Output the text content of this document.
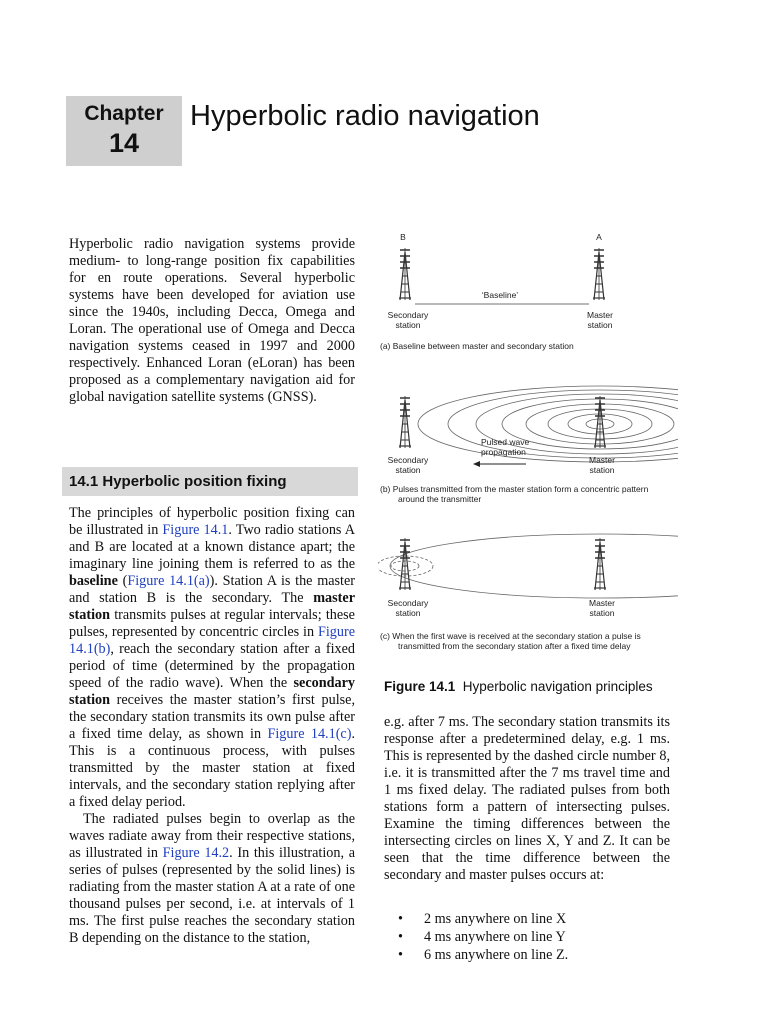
Chapter
14
Hyperbolic radio navigation

Hyperbolic radio navigation systems provide medium- to long-range position fix capabilities for en route operations. Several hyperbolic systems have been developed for aviation use since the 1940s, including Decca, Omega and Loran. The operational use of Omega and Decca navigation systems ceased in 1997 and 2000 respectively. Enhanced Loran (eLoran) has been proposed as a complementary navigation aid for global navigation satellite systems (GNSS).

14.1 Hyperbolic position fixing

The principles of hyperbolic position fixing can be illustrated in Figure 14.1. Two radio stations A and B are located at a known distance apart; the imaginary line joining them is referred to as the baseline (Figure 14.1(a)). Station A is the master and station B is the secondary. The master station transmits pulses at regular intervals; these pulses, represented by concentric circles in Figure 14.1(b), reach the secondary station after a fixed period of time (determined by the propagation speed of the radio wave). When the secondary station receives the master station’s first pulse, the secondary station transmits its own pulse after a fixed time delay, as shown in Figure 14.1(c). This is a continuous process, with pulses transmitted by the master station at fixed intervals, and the secondary station replying after a fixed delay period.

The radiated pulses begin to overlap as the waves radiate away from their respective stations, as illustrated in Figure 14.2. In this illustration, a series of pulses (represented by the solid lines) is radiating from the master station A at a rate of one thousand pulses per second, i.e. at intervals of 1 ms. The first pulse reaches the secondary station B depending on the distance to the station,

B	A
‘Baseline’
Secondary
station
Master
station
(a) Baseline between master and secondary station
Pulsed wave
propagation
Secondary
station
Master
station
(b) Pulses transmitted from the master station form a concentric pattern
around the transmitter
Secondary
station
Master
station
(c) When the first wave is received at the secondary station a pulse is
transmitted from the secondary station after a fixed time delay
Figure 14.1 Hyperbolic navigation principles

e.g. after 7 ms. The secondary station transmits its response after a predetermined delay, e.g. 1 ms. This is represented by the dashed circle number 8, i.e. it is transmitted after the 7 ms travel time and 1 ms fixed delay. The radiated pulses from both stations form a pattern of intersecting pulses. Examine the timing differences between the intersecting circles on lines X, Y and Z. It can be seen that the time difference between the secondary and master pulses occurs at:

• 2 ms anywhere on line X
• 4 ms anywhere on line Y
• 6 ms anywhere on line Z.
